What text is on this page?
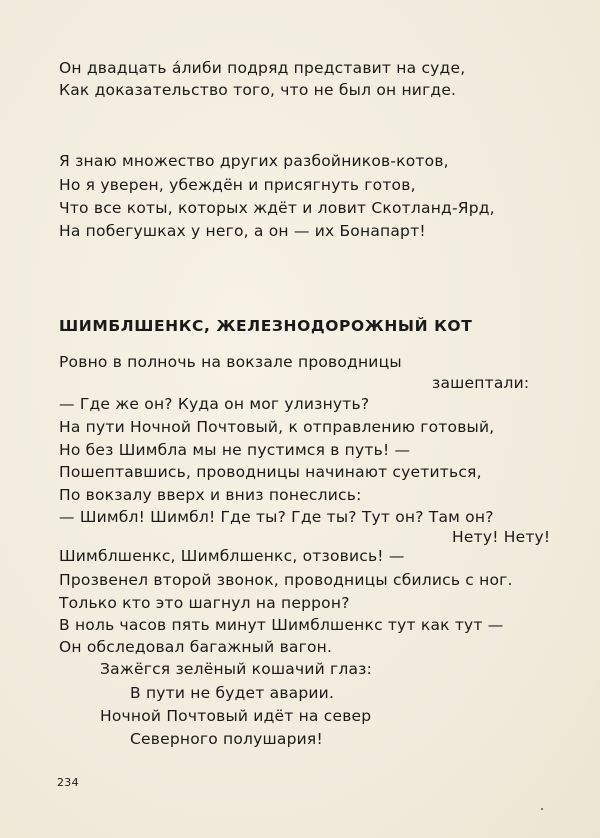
Он двадцать а́либи подряд представит на суде,
Как доказательство того, что не был он нигде.
Я знаю множество других разбойников-котов,
Но я уверен, убеждён и присягнуть готов,
Что все коты, которых ждёт и ловит Скотланд-Ярд,
На побегушках у него, а он — их Бонапарт!
ШИМБЛШЕНКС, ЖЕЛЕЗНОДОРОЖНЫЙ КОТ
Ровно в полночь на вокзале проводницы
зашептали:
— Где же он? Куда он мог улизнуть?
На пути Ночной Почтовый, к отправлению готовый,
Но без Шимбла мы не пустимся в путь! —
Пошептавшись, проводницы начинают суетиться,
По вокзалу вверх и вниз понеслись:
— Шимбл! Шимбл! Где ты? Где ты? Тут он? Там он?
Нету! Нету!
Шимблшенкс, Шимблшенкс, отзовись! —
Прозвенел второй звонок, проводницы сбились с ног.
Только кто это шагнул на перрон?
В ноль часов пять минут Шимблшенкс тут как тут —
Он обследовал багажный вагон.
Зажёгся зелёный кошачий глаз:
В пути не будет аварии.
Ночной Почтовый идёт на север
Северного полушария!
234
